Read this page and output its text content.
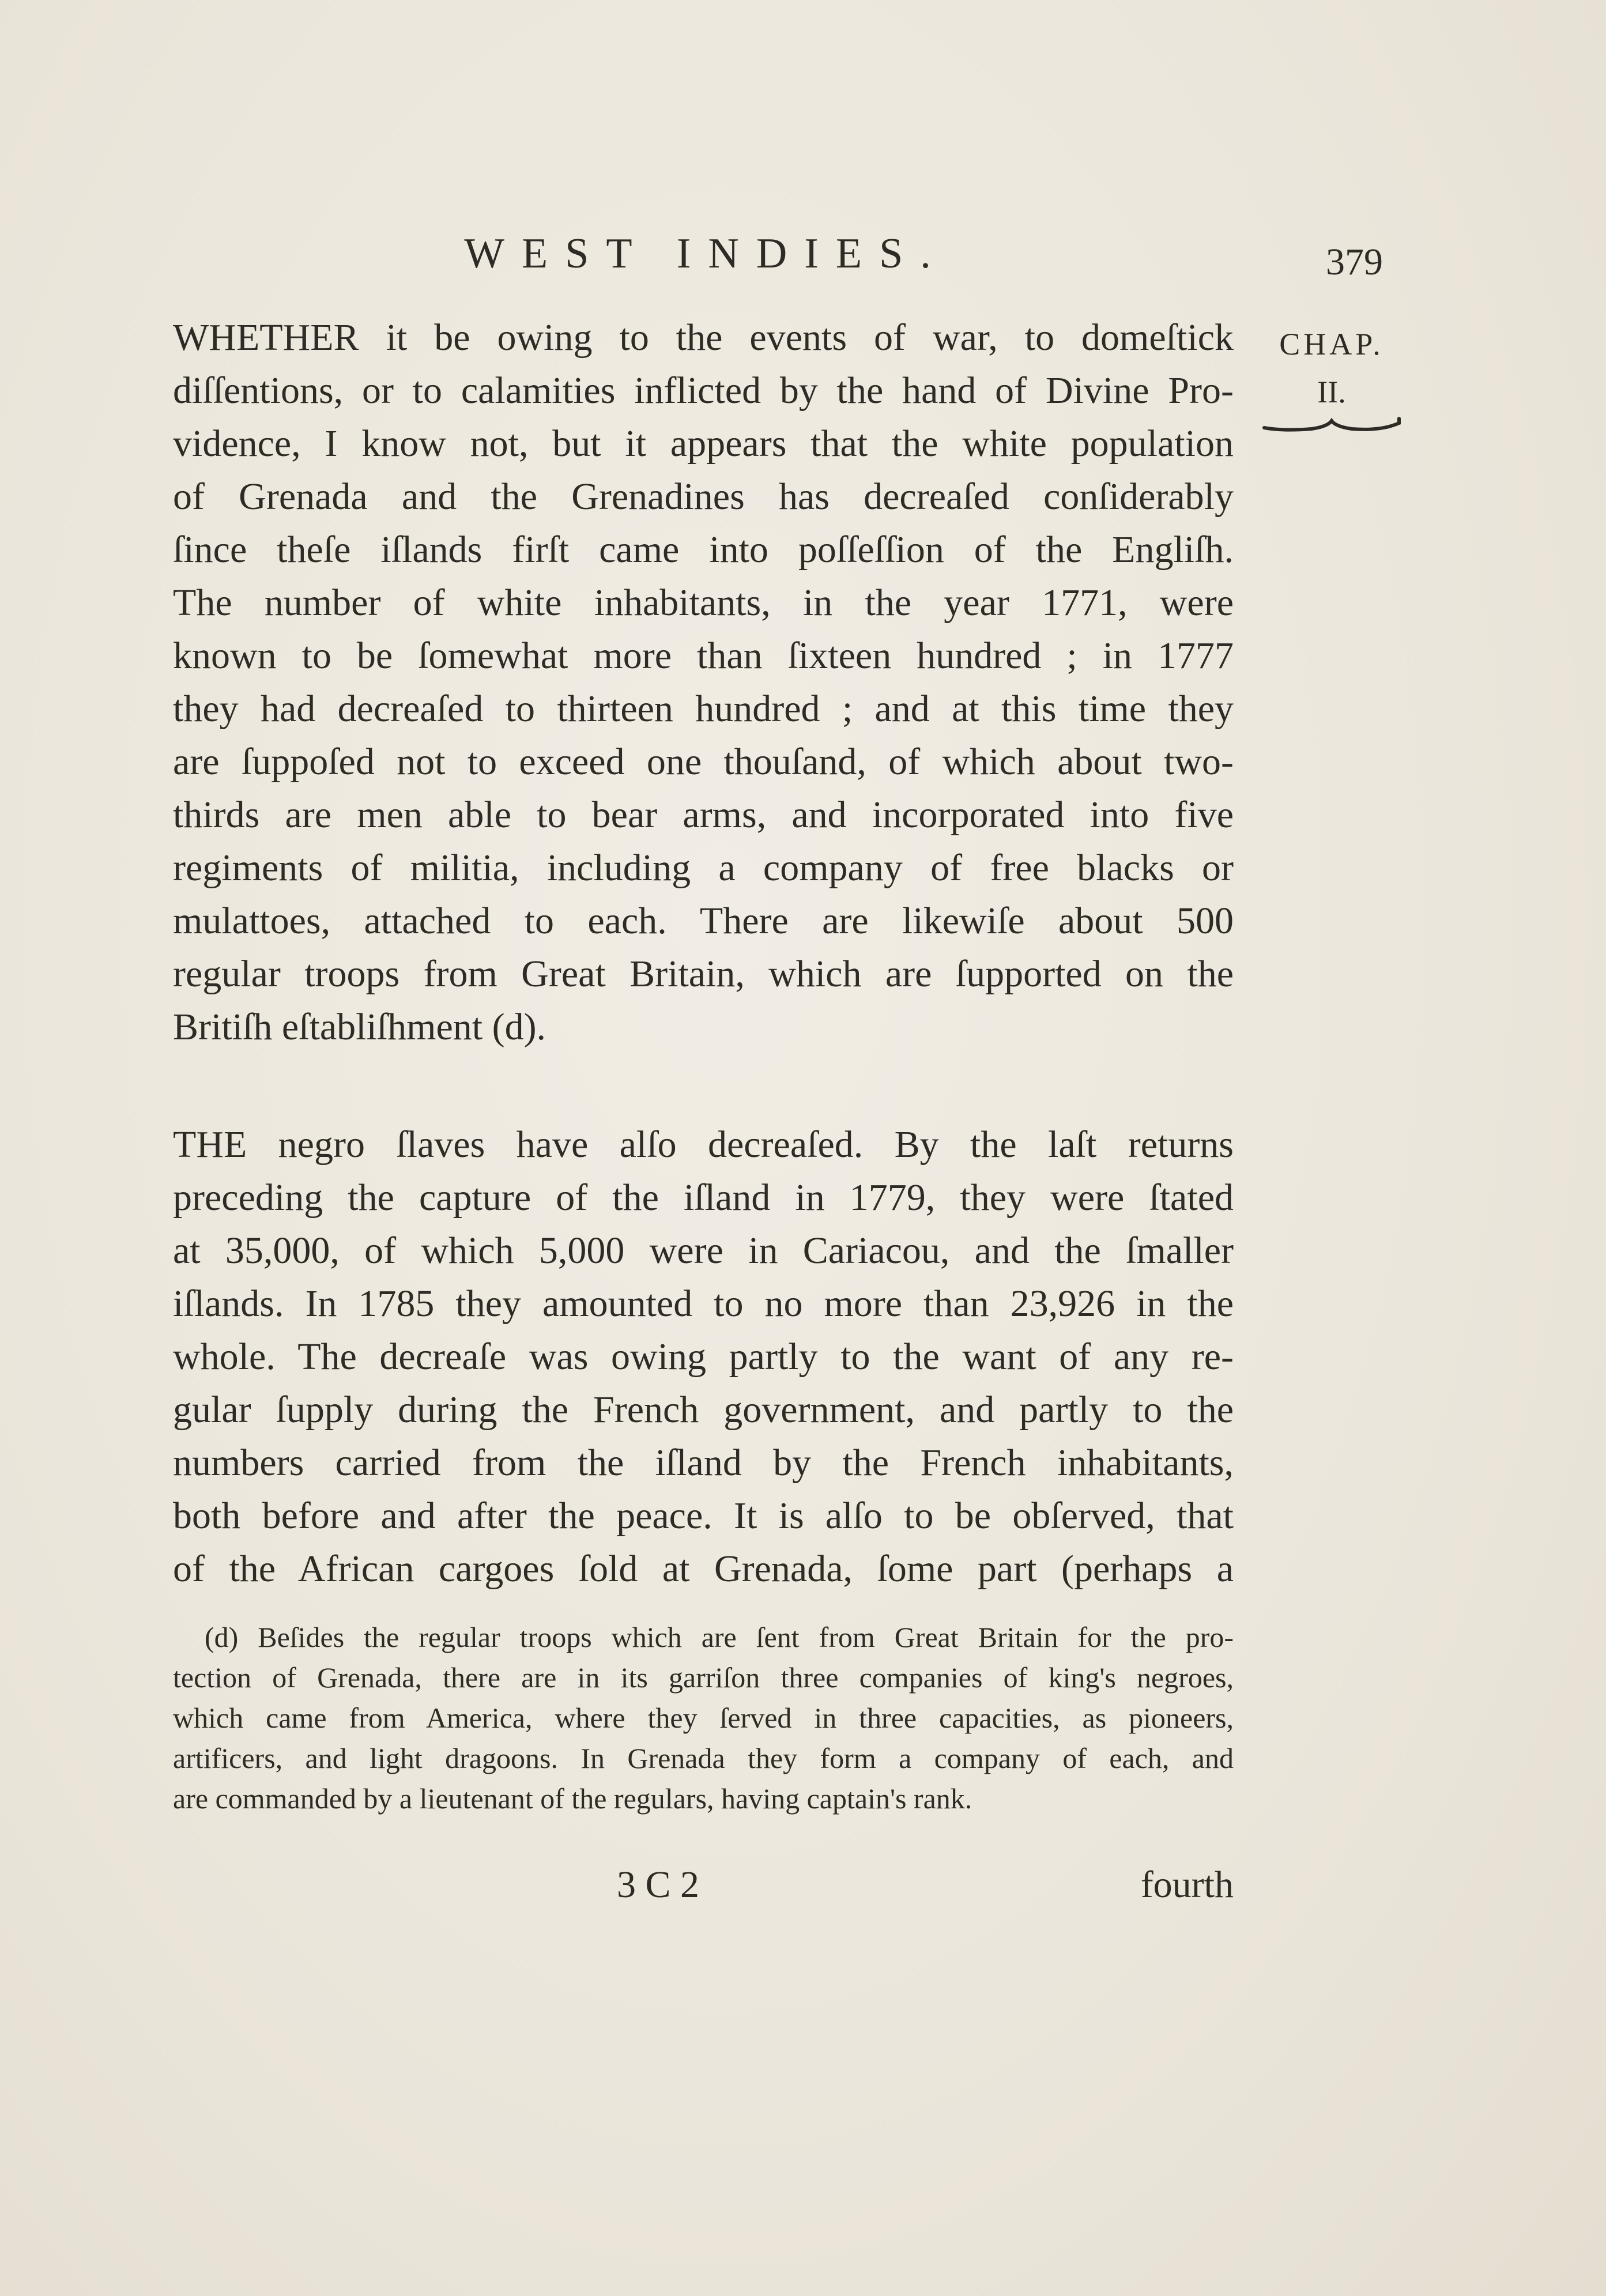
WEST INDIES.	379
CHAP.
II.
WHETHER it be owing to the events of war, to domeſtick
diſſentions, or to calamities inflicted by the hand of Divine Pro-
vidence, I know not, but it appears that the white population
of Grenada and the Grenadines has decreaſed conſiderably
ſince theſe iſlands firſt came into poſſeſſion of the Engliſh.
The number of white inhabitants, in the year 1771, were
known to be ſomewhat more than ſixteen hundred ; in 1777
they had decreaſed to thirteen hundred ; and at this time they
are ſuppoſed not to exceed one thouſand, of which about two-
thirds are men able to bear arms, and incorporated into five
regiments of militia, including a company of free blacks or
mulattoes, attached to each. There are likewiſe about 500
regular troops from Great Britain, which are ſupported on the
Britiſh eſtabliſhment (d).
THE negro ſlaves have alſo decreaſed. By the laſt returns
preceding the capture of the iſland in 1779, they were ſtated
at 35,000, of which 5,000 were in Cariacou, and the ſmaller
iſlands. In 1785 they amounted to no more than 23,926 in the
whole. The decreaſe was owing partly to the want of any re-
gular ſupply during the French government, and partly to the
numbers carried from the iſland by the French inhabitants,
both before and after the peace. It is alſo to be obſerved, that
of the African cargoes ſold at Grenada, ſome part (perhaps a
(d) Beſides the regular troops which are ſent from Great Britain for the pro-
tection of Grenada, there are in its garriſon three companies of king's negroes,
which came from America, where they ſerved in three capacities, as pioneers,
artificers, and light dragoons. In Grenada they form a company of each, and
are commanded by a lieutenant of the regulars, having captain's rank.
3 C 2	fourth
